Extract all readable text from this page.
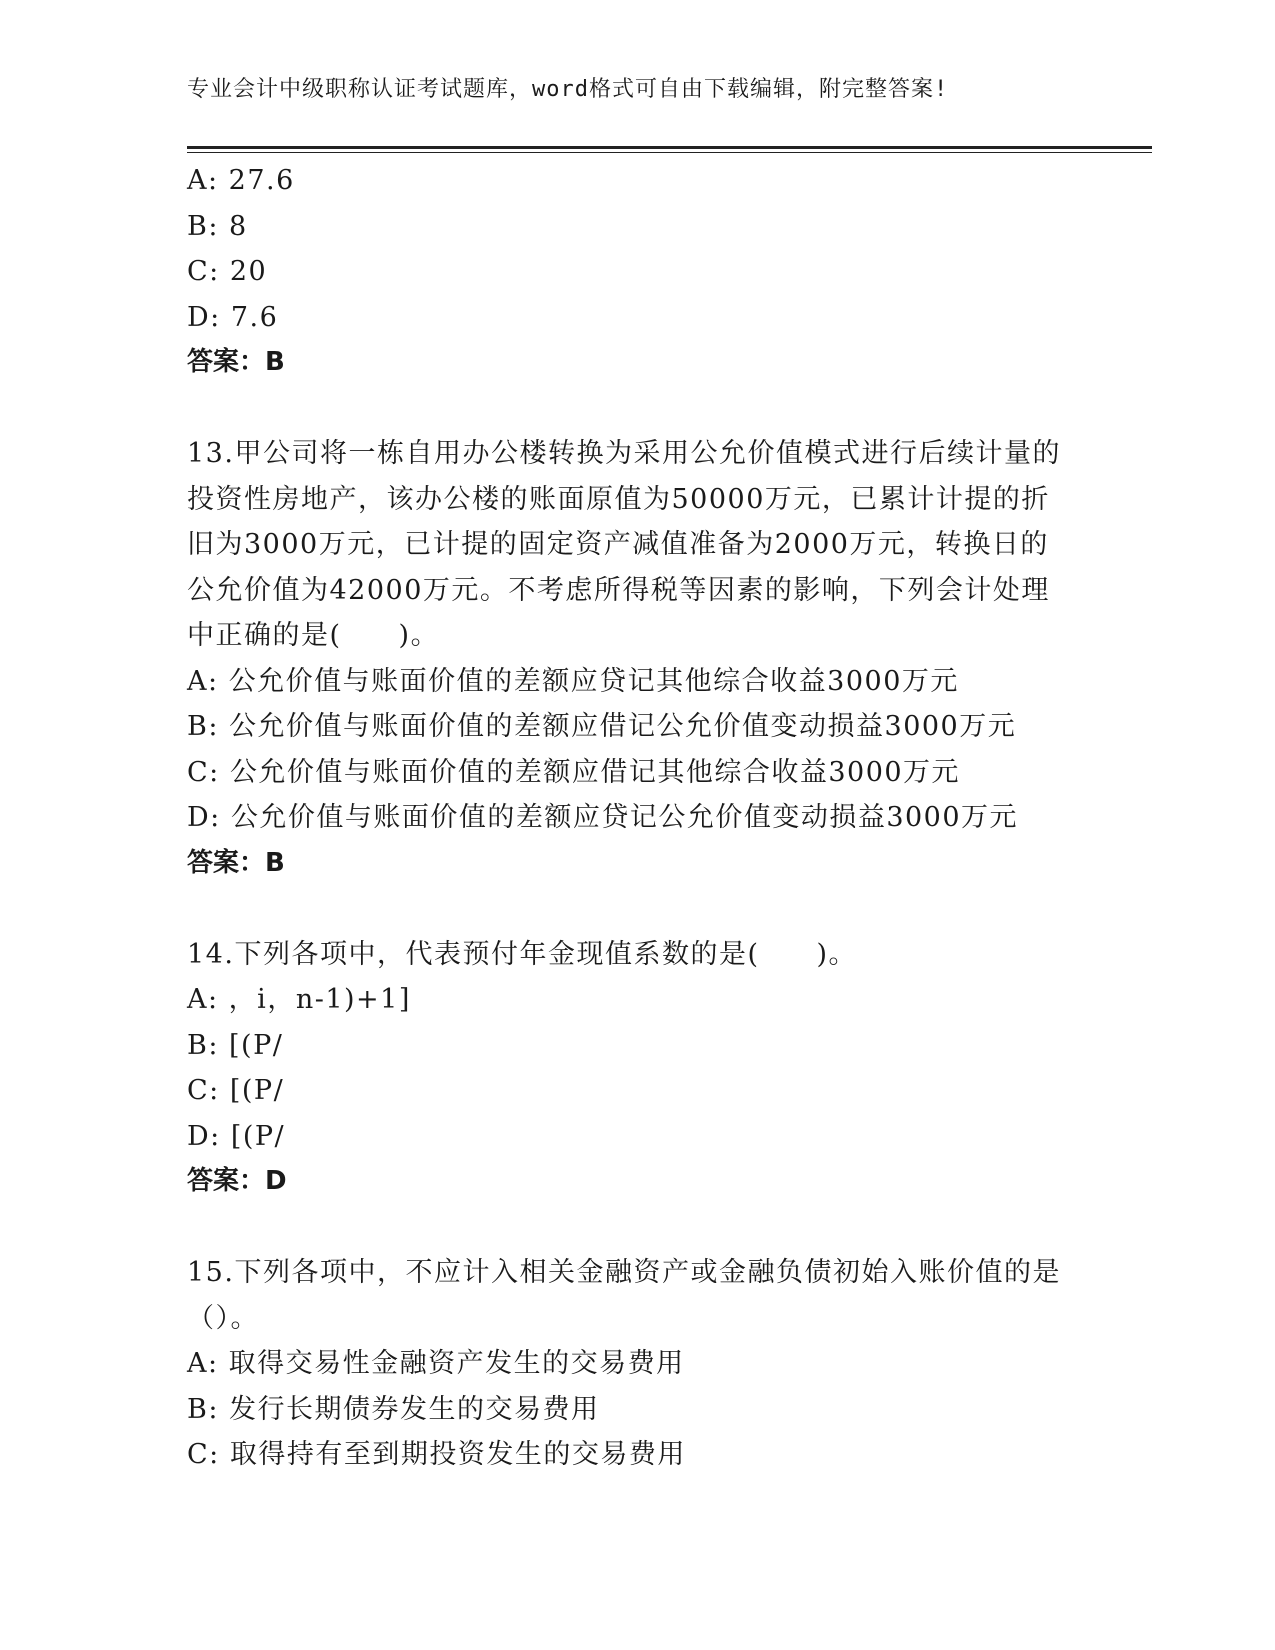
专业会计中级职称认证考试题库，word格式可自由下载编辑，附完整答案!
A: 27.6
B: 8
C: 20
D: 7.6
答案：B
13.甲公司将一栋自用办公楼转换为采用公允价值模式进行后续计量的
投资性房地产，该办公楼的账面原值为50000万元，已累计计提的折
旧为3000万元，已计提的固定资产减值准备为2000万元，转换日的
公允价值为42000万元。不考虑所得税等因素的影响，下列会计处理
中正确的是(　　)。
A: 公允价值与账面价值的差额应贷记其他综合收益3000万元
B: 公允价值与账面价值的差额应借记公允价值变动损益3000万元
C: 公允价值与账面价值的差额应借记其他综合收益3000万元
D: 公允价值与账面价值的差额应贷记公允价值变动损益3000万元
答案：B
14.下列各项中，代表预付年金现值系数的是(　　)。
A: ，i，n-1)+1]
B: [(P/
C: [(P/
D: [(P/
答案：D
15.下列各项中，不应计入相关金融资产或金融负债初始入账价值的是
（）。
A: 取得交易性金融资产发生的交易费用
B: 发行长期债券发生的交易费用
C: 取得持有至到期投资发生的交易费用
